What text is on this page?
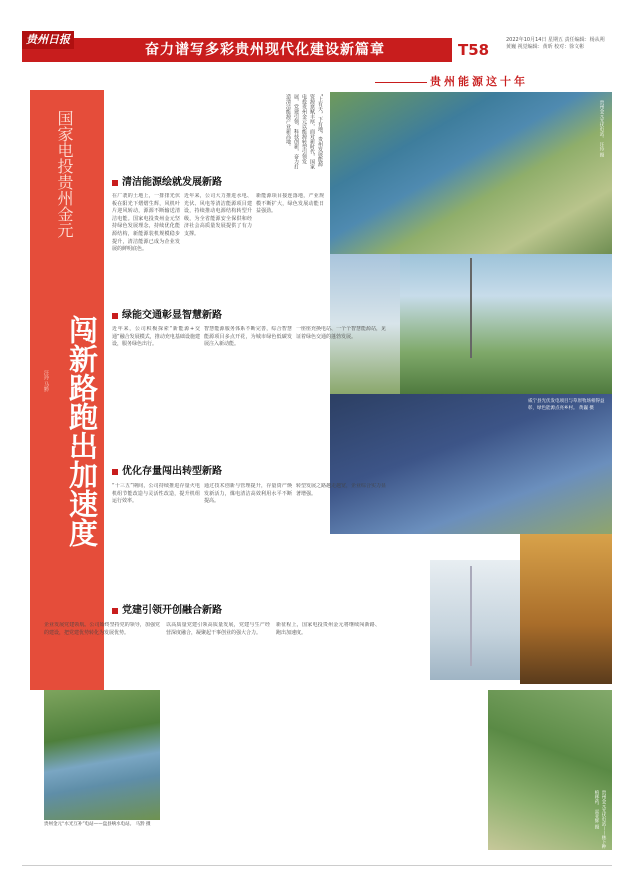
贵州日报
奋力谱写多彩贵州现代化建设新篇章	T58
2022年10月14日 星期五 责任编辑：杨从朔 黄巍 视觉编辑：黄昕 校对：徐文彬
贵州能源这十年
国家电投贵州金元
闯新路跑出加速度
汪玲 马黔
“上有天，下有地，贵州发展能源资源禀赋丰厚，面对新时代，国家电投贵州金元以能源转型引领发展，党建引领、科技创新，奋力打造清洁能源产业新高地。	贵州金元光伏电站。 汪玲 摄
威宁县光伏发电项目与草原牧场相得益彰，绿色能源点亮乡村。 黄巍 摄
清洁能源绘就发展新路
在广袤的土地上，一排排光伏板在阳光下熠熠生辉，风机叶片迎风转动，源源不断输送清洁电能。国家电投贵州金元坚持绿色发展理念，持续优化能源结构，新能源装机规模稳步提升，清洁能源已成为企业发展的鲜明底色。
近年来，公司大力推进水电、光伏、风电等清洁能源项目建设，持续推动电源结构转型升级，为全省能源安全保供和经济社会高质量发展提供了有力支撑。
新能源项目接连落地，产业规模不断扩大，绿色发展动能日益强劲。
绿能交通彰显智慧新路
近年来，公司积极探索“新能源+交通”融合发展模式，推动充电基础设施建设，服务绿色出行。
智慧能源服务体系不断完善，综合智慧能源项目多点开花，为城市绿色低碳发展注入新动能。
一座座充换电站、一个个智慧能源站，见证着绿色交通的蓬勃发展。
优化存量闯出转型新路
“十三五”期间，公司持续推进存量火电机组节能改造与灵活性改造，提升机组运行效率。
通过技术创新与管理提升，存量资产焕发新活力，煤电清洁高效利用水平不断提高。
转型发展之路越走越宽，企业综合实力显著增强。
党建引领开创融合新路
企业发展党建领航。公司始终坚持党的领导，加强党的建设，把党建优势转化为发展优势。
以高质量党建引领高质量发展，党建与生产经营深度融合，凝聚起干事创业的强大合力。
新征程上，国家电投贵州金元将继续闯新路、跑出加速度。
贵州金元“水光互补”电站——盘县响水电站。 马黔 摄	贵州金元光伏电站——林下种植林药。 雷亚辉 摄
